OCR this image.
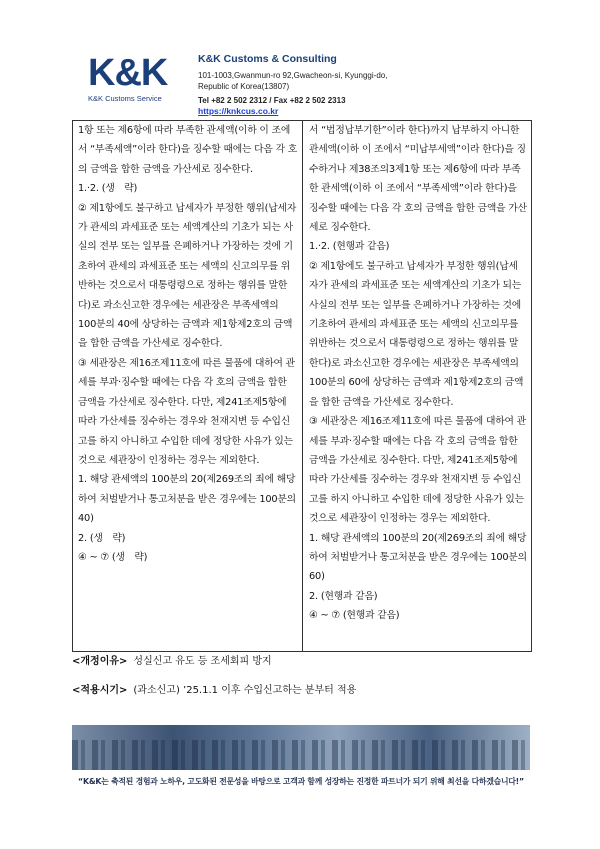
K&K
K&K Customs Service
K&K Customs & Consulting
101-1003,Gwanmun-ro 92,Gwacheon-si, Kyunggi-do,
Republic of Korea(13807)
Tel +82 2 502 2312 / Fax +82 2 502 2313
https://knkcus.co.kr
1항 또는 제6항에 따라 부족한 관세액(이하 이 조에서 “부족세액”이라 한다)을 징수할 때에는 다음 각 호의 금액을 합한 금액을 가산세로 징수한다.
1.·2. (생　략)
② 제1항에도 불구하고 납세자가 부정한 행위(납세자가 관세의 과세표준 또는 세액계산의 기초가 되는 사실의 전부 또는 일부를 은폐하거나 가장하는 것에 기초하여 관세의 과세표준 또는 세액의 신고의무를 위반하는 것으로서 대통령령으로 정하는 행위를 말한다)로 과소신고한 경우에는 세관장은 부족세액의 100분의 40에 상당하는 금액과 제1항제2호의 금액을 합한 금액을 가산세로 징수한다.
③ 세관장은 제16조제11호에 따른 물품에 대하여 관세를 부과·징수할 때에는 다음 각 호의 금액을 합한 금액을 가산세로 징수한다. 다만, 제241조제5항에 따라 가산세를 징수하는 경우와 천재지변 등 수입신고를 하지 아니하고 수입한 데에 정당한 사유가 있는 것으로 세관장이 인정하는 경우는 제외한다.
1. 해당 관세액의 100분의 20(제269조의 죄에 해당하여 처벌받거나 통고처분을 받은 경우에는 100분의 40)
2. (생　략)
④ ~ ⑦ (생　략)
서 “법정납부기한”이라 한다)까지 납부하지 아니한 관세액(이하 이 조에서 “미납부세액”이라 한다)을 징수하거나 제38조의3제1항 또는 제6항에 따라 부족한 관세액(이하 이 조에서 “부족세액”이라 한다)을 징수할 때에는 다음 각 호의 금액을 합한 금액을 가산세로 징수한다.
1.·2. (현행과 같음)
② 제1항에도 불구하고 납세자가 부정한 행위(납세자가 관세의 과세표준 또는 세액계산의 기초가 되는 사실의 전부 또는 일부를 은폐하거나 가장하는 것에 기초하여 관세의 과세표준 또는 세액의 신고의무를 위반하는 것으로서 대통령령으로 정하는 행위를 말한다)로 과소신고한 경우에는 세관장은 부족세액의 100분의 60에 상당하는 금액과 제1항제2호의 금액을 합한 금액을 가산세로 징수한다.
③ 세관장은 제16조제11호에 따른 물품에 대하여 관세를 부과·징수할 때에는 다음 각 호의 금액을 합한 금액을 가산세로 징수한다. 다만, 제241조제5항에 따라 가산세를 징수하는 경우와 천재지변 등 수입신고를 하지 아니하고 수입한 데에 정당한 사유가 있는 것으로 세관장이 인정하는 경우는 제외한다.
1. 해당 관세액의 100분의 20(제269조의 죄에 해당하여 처벌받거나 통고처분을 받은 경우에는 100분의 60)
2. (현행과 같음)
④ ~ ⑦ (현행과 같음)
<개정이유> 성실신고 유도 등 조세회피 방지
<적용시기> (과소신고) ’25.1.1 이후 수입신고하는 분부터 적용
“K&K는 축적된 경험과 노하우, 고도화된 전문성을 바탕으로 고객과 함께 성장하는 진정한 파트너가 되기 위해 최선을 다하겠습니다!”
